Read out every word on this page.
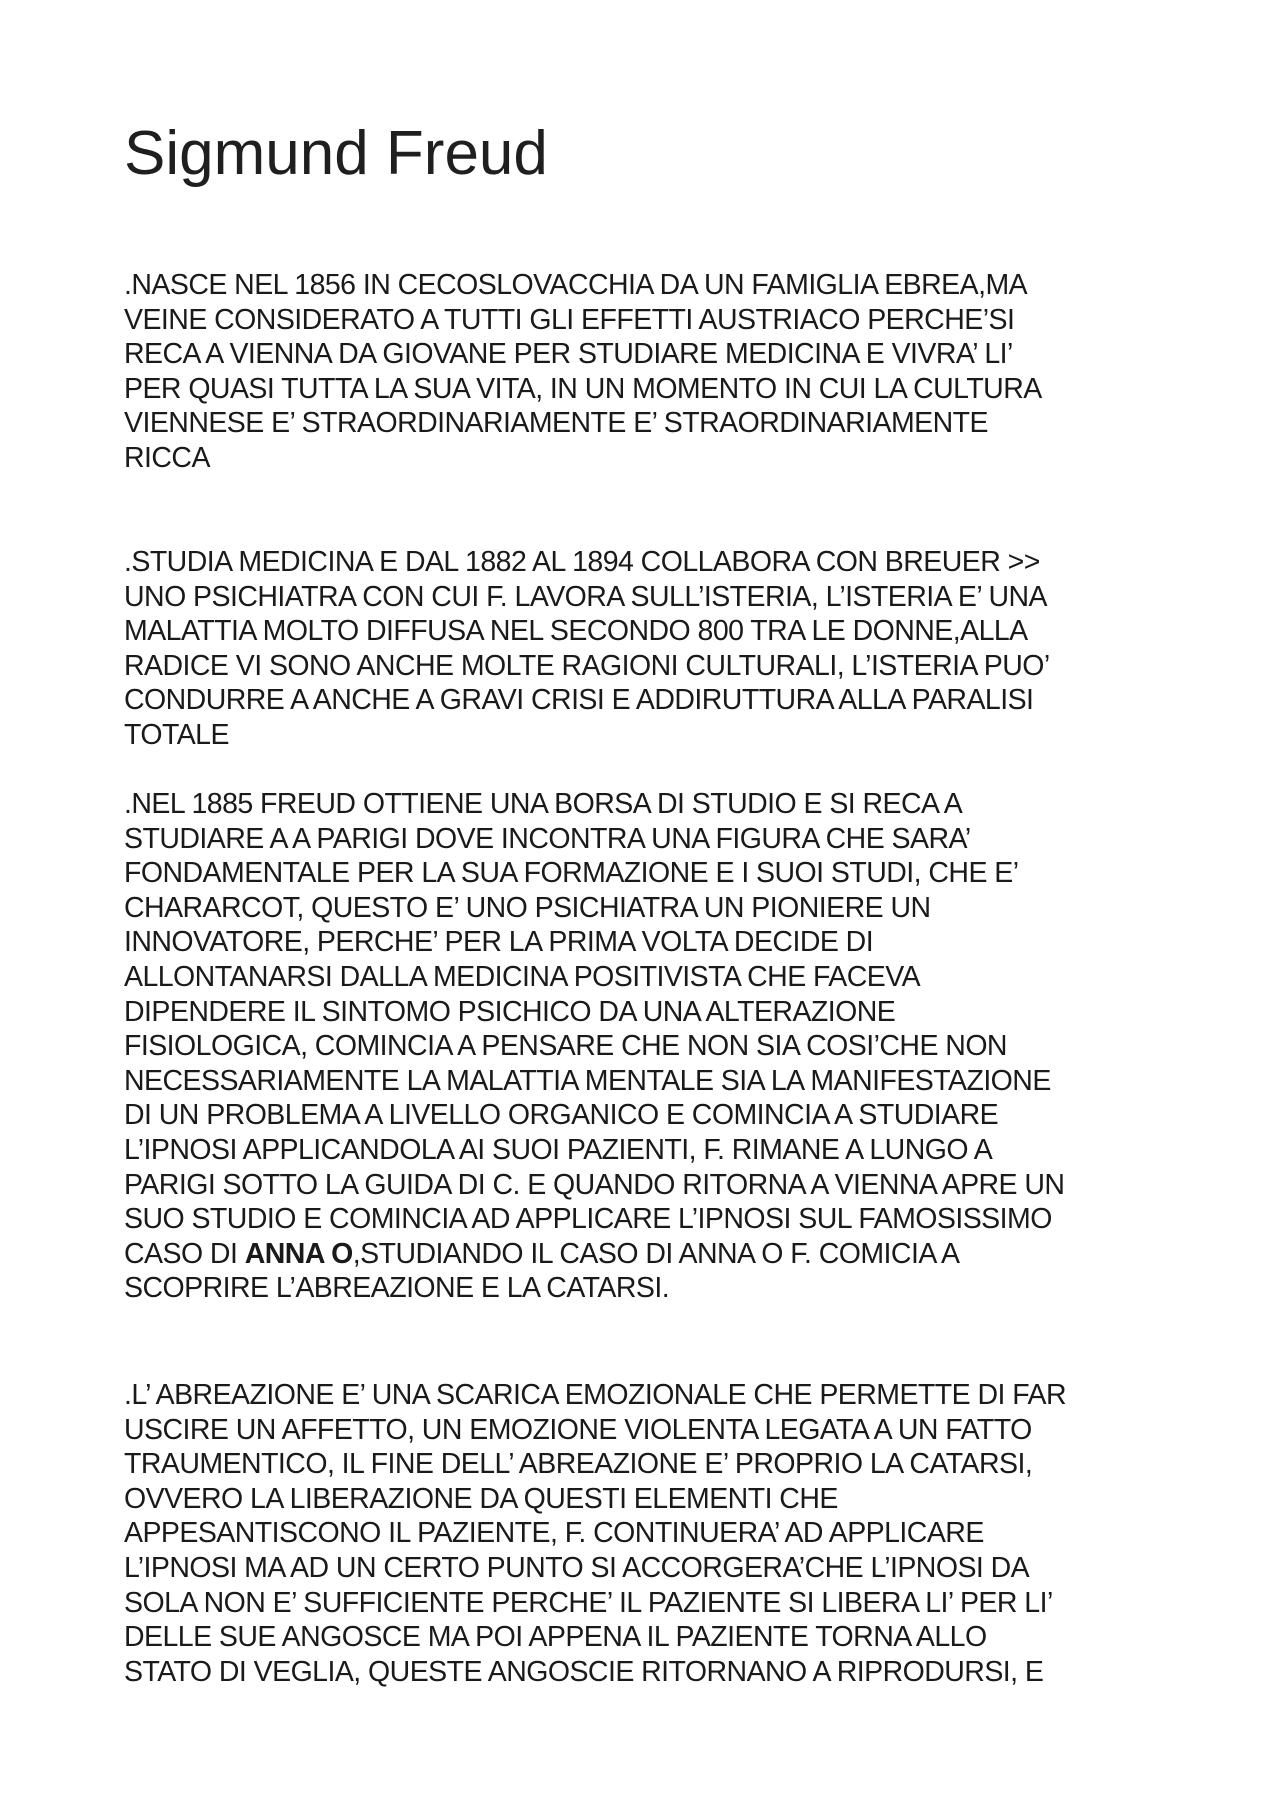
Sigmund Freud

.NASCE NEL 1856 IN CECOSLOVACCHIA DA UN FAMIGLIA EBREA,MA
VEINE CONSIDERATO A TUTTI GLI EFFETTI AUSTRIACO PERCHE’SI
RECA A VIENNA DA GIOVANE PER STUDIARE MEDICINA E VIVRA’ LI’
PER QUASI TUTTA LA SUA VITA, IN UN MOMENTO IN CUI LA CULTURA
VIENNESE E’ STRAORDINARIAMENTE E’ STRAORDINARIAMENTE
RICCA

.STUDIA MEDICINA E DAL 1882 AL 1894 COLLABORA CON BREUER >>
UNO PSICHIATRA CON CUI F. LAVORA SULL’ISTERIA, L’ISTERIA E’ UNA
MALATTIA MOLTO DIFFUSA NEL SECONDO 800 TRA LE DONNE,ALLA
RADICE VI SONO ANCHE MOLTE RAGIONI CULTURALI, L’ISTERIA PUO’
CONDURRE A ANCHE A GRAVI CRISI E ADDIRUTTURA ALLA PARALISI
TOTALE

.NEL 1885 FREUD OTTIENE UNA BORSA DI STUDIO E SI RECA A
STUDIARE A A PARIGI DOVE INCONTRA UNA FIGURA CHE SARA’
FONDAMENTALE PER LA SUA FORMAZIONE E I SUOI STUDI, CHE E’
CHARARCOT, QUESTO E’ UNO PSICHIATRA UN PIONIERE UN
INNOVATORE, PERCHE’ PER LA PRIMA VOLTA DECIDE DI
ALLONTANARSI DALLA MEDICINA POSITIVISTA CHE FACEVA
DIPENDERE IL SINTOMO PSICHICO DA UNA ALTERAZIONE
FISIOLOGICA, COMINCIA A PENSARE CHE NON SIA COSI’CHE NON
NECESSARIAMENTE LA MALATTIA MENTALE SIA LA MANIFESTAZIONE
DI UN PROBLEMA A LIVELLO ORGANICO E COMINCIA A STUDIARE
L’IPNOSI APPLICANDOLA AI SUOI PAZIENTI, F. RIMANE A LUNGO A
PARIGI SOTTO LA GUIDA DI C. E QUANDO RITORNA A VIENNA APRE UN
SUO STUDIO E COMINCIA AD APPLICARE L’IPNOSI SUL FAMOSISSIMO
CASO DI ANNA O,STUDIANDO IL CASO DI ANNA O F. COMICIA A
SCOPRIRE L’ABREAZIONE E LA CATARSI.

.L’ ABREAZIONE E’ UNA SCARICA EMOZIONALE CHE PERMETTE DI FAR
USCIRE UN AFFETTO, UN EMOZIONE VIOLENTA LEGATA A UN FATTO
TRAUMENTICO, IL FINE DELL’ ABREAZIONE E’ PROPRIO LA CATARSI,
OVVERO LA LIBERAZIONE DA QUESTI ELEMENTI CHE
APPESANTISCONO IL PAZIENTE, F. CONTINUERA’ AD APPLICARE
L’IPNOSI MA AD UN CERTO PUNTO SI ACCORGERA’CHE L’IPNOSI DA
SOLA NON E’ SUFFICIENTE PERCHE’ IL PAZIENTE SI LIBERA LI’ PER LI’
DELLE SUE ANGOSCE MA POI APPENA IL PAZIENTE TORNA ALLO
STATO DI VEGLIA, QUESTE ANGOSCIE RITORNANO A RIPRODURSI, E
